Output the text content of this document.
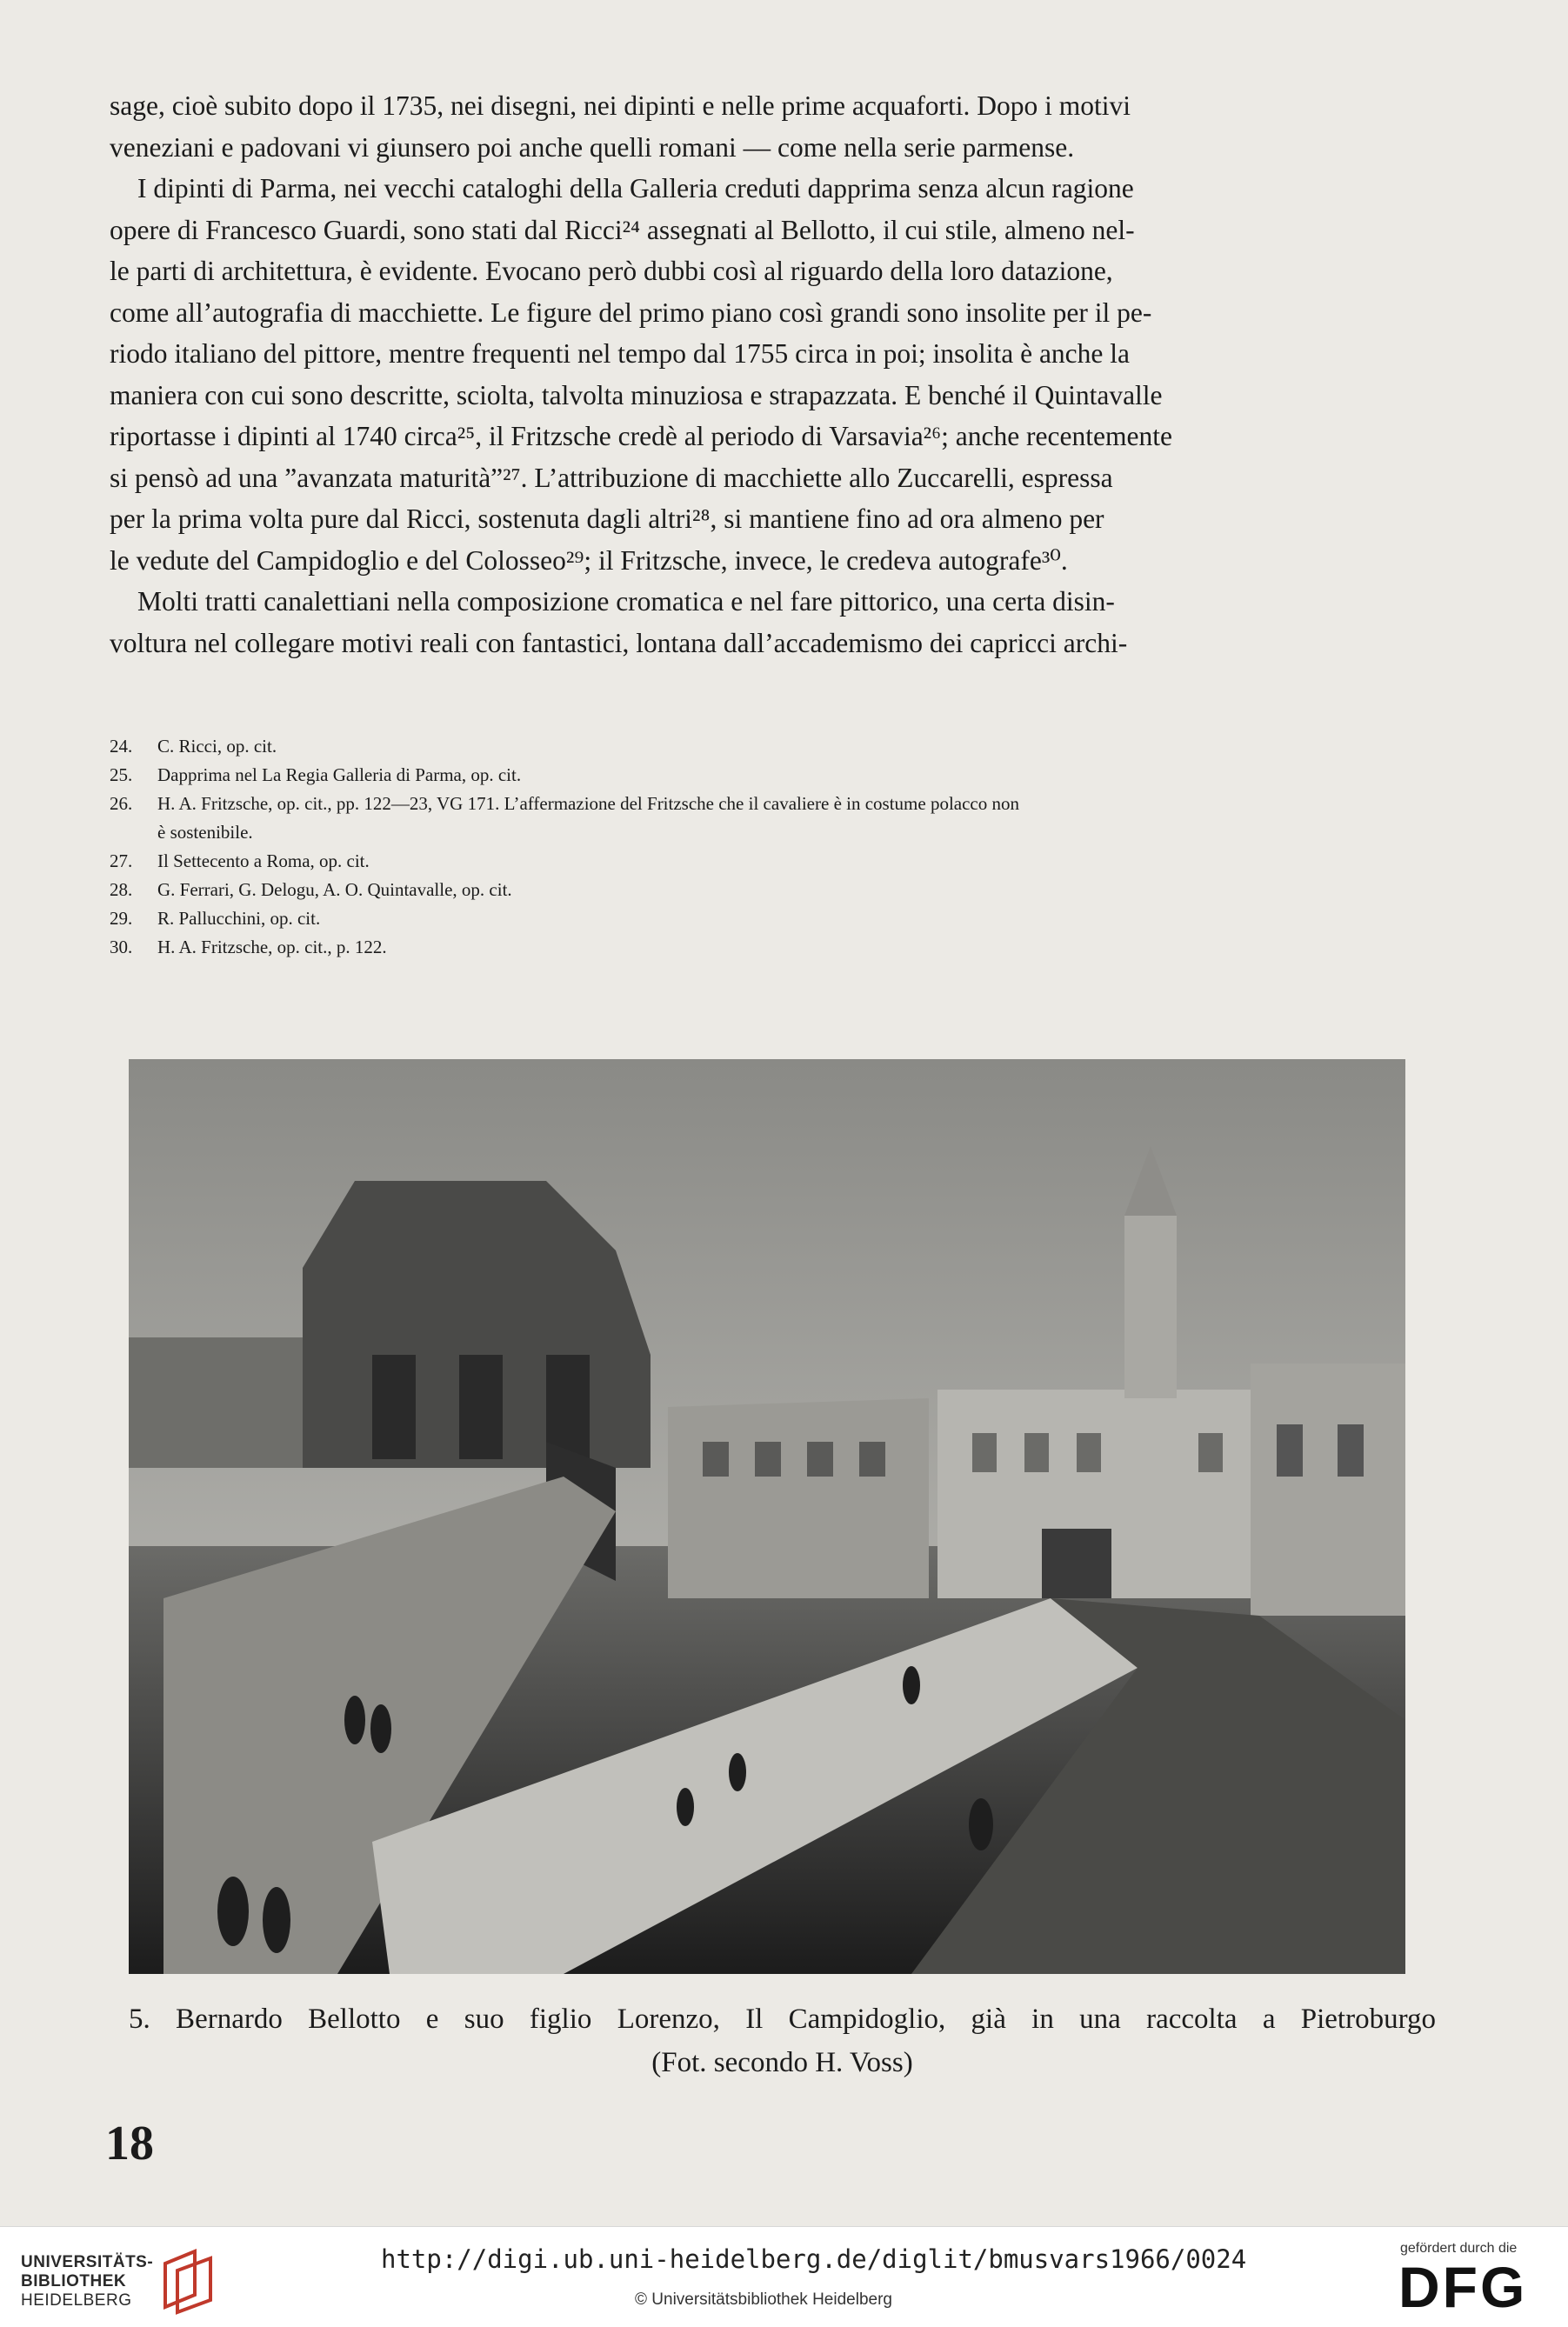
sage, cioè subito dopo il 1735, nei disegni, nei dipinti e nelle prime acquaforti. Dopo i motivi
veneziani e padovani vi giunsero poi anche quelli romani — come nella serie parmense.

I dipinti di Parma, nei vecchi cataloghi della Galleria creduti dapprima senza alcun ragione
opere di Francesco Guardi, sono stati dal Ricci²⁴ assegnati al Bellotto, il cui stile, almeno nel-
le parti di architettura, è evidente. Evocano però dubbi così al riguardo della loro datazione,
come all’autografia di macchiette. Le figure del primo piano così grandi sono insolite per il pe-
riodo italiano del pittore, mentre frequenti nel tempo dal 1755 circa in poi; insolita è anche la
maniera con cui sono descritte, sciolta, talvolta minuziosa e strapazzata. E benché il Quintavalle
riportasse i dipinti al 1740 circa²⁵, il Fritzsche credè al periodo di Varsavia²⁶; anche recentemente
si pensò ad una ”avanzata maturità”²⁷. L’attribuzione di macchiette allo Zuccarelli, espressa
per la prima volta pure dal Ricci, sostenuta dagli altri²⁸, si mantiene fino ad ora almeno per
le vedute del Campidoglio e del Colosseo²⁹; il Fritzsche, invece, le credeva autografe³⁰.

Molti tratti canalettiani nella composizione cromatica e nel fare pittorico, una certa disin-
voltura nel collegare motivi reali con fantastici, lontana dall’accademismo dei capricci archi-

24.	C. Ricci, op. cit.
25.	Dapprima nel La Regia Galleria di Parma, op. cit.
26.	H. A. Fritzsche, op. cit., pp. 122—23, VG 171. L’affermazione del Fritzsche che il cavaliere è in costume polacco non
è sostenibile.
27.	Il Settecento a Roma, op. cit.
28.	G. Ferrari, G. Delogu, A. O. Quintavalle, op. cit.
29.	R. Pallucchini, op. cit.
30.	H. A. Fritzsche, op. cit., p. 122.
5. Bernardo Bellotto e suo figlio Lorenzo, Il Campidoglio, già in una raccolta a Pietroburgo
(Fot. secondo H. Voss)
18
UNIVERSITÄTS-
BIBLIOTHEK
HEIDELBERG
http://digi.ub.uni-heidelberg.de/diglit/bmusvars1966/0024
© Universitätsbibliothek Heidelberg
gefördert durch die
DFG
